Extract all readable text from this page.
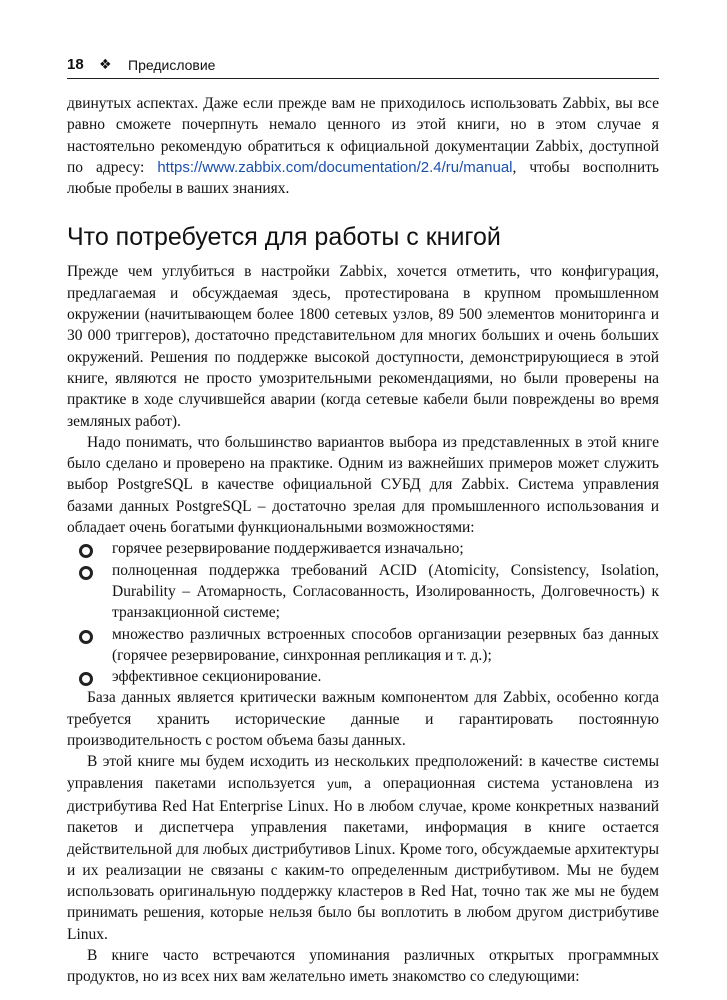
18 ❖ Предисловие

двинутых аспектах. Даже если прежде вам не приходилось использовать Zabbix, вы все равно сможете почерпнуть немало ценного из этой книги, но в этом случае я настоятельно рекомендую обратиться к официальной документации Zabbix, доступной по адресу: https://www.zabbix.com/documentation/2.4/ru/manual, чтобы восполнить любые пробелы в ваших знаниях.

Что потребуется для работы с книгой

Прежде чем углубиться в настройки Zabbix, хочется отметить, что конфигурация, предлагаемая и обсуждаемая здесь, протестирована в крупном промышленном окружении (начитывающем более 1800 сетевых узлов, 89 500 элементов мониторинга и 30 000 триггеров), достаточно представительном для многих больших и очень больших окружений. Решения по поддержке высокой доступности, демонстрирующиеся в этой книге, являются не просто умозрительными рекомендациями, но были проверены на практике в ходе случившейся аварии (когда сетевые кабели были повреждены во время земляных работ).

Надо понимать, что большинство вариантов выбора из представленных в этой книге было сделано и проверено на практике. Одним из важнейших примеров может служить выбор PostgreSQL в качестве официальной СУБД для Zabbix. Система управления базами данных PostgreSQL – достаточно зрелая для промышленного использования и обладает очень богатыми функциональными возможностями:

горячее резервирование поддерживается изначально;
полноценная поддержка требований ACID (Atomicity, Consistency, Isolation, Durability – Атомарность, Согласованность, Изолированность, Долговечность) к транзакционной системе;
множество различных встроенных способов организации резервных баз данных (горячее резервирование, синхронная репликация и т. д.);
эффективное секционирование.

База данных является критически важным компонентом для Zabbix, особенно когда требуется хранить исторические данные и гарантировать постоянную производительность с ростом объема базы данных.

В этой книге мы будем исходить из нескольких предположений: в качестве системы управления пакетами используется yum, а операционная система установлена из дистрибутива Red Hat Enterprise Linux. Но в любом случае, кроме конкретных названий пакетов и диспетчера управления пакетами, информация в книге остается действительной для любых дистрибутивов Linux. Кроме того, обсуждаемые архитектуры и их реализации не связаны с каким-то определенным дистрибутивом. Мы не будем использовать оригинальную поддержку кластеров в Red Hat, точно так же мы не будем принимать решения, которые нельзя было бы воплотить в любом другом дистрибутиве Linux.

В книге часто встречаются упоминания различных открытых программных продуктов, но из всех них вам желательно иметь знакомство со следующими:
